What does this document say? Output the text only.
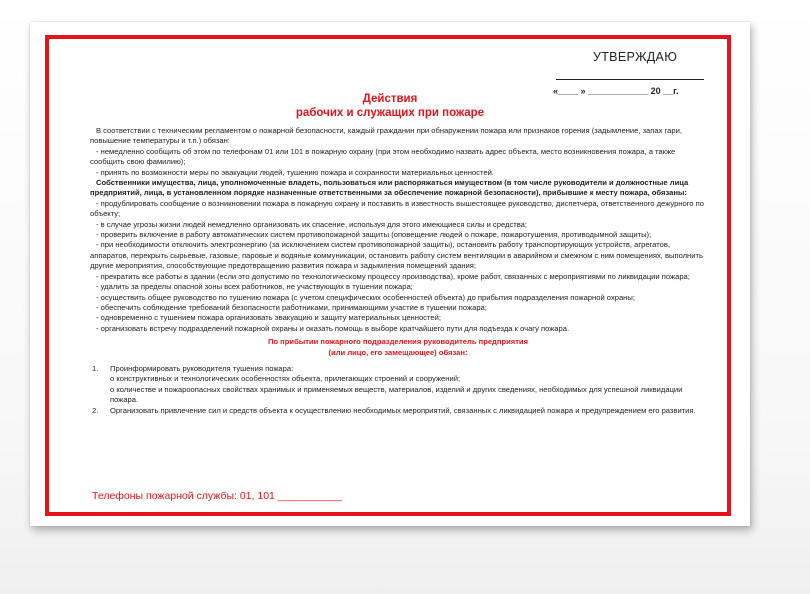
УТВЕРЖДАЮ
«____ » ____________ 20 __г.
Действия
рабочих и служащих при пожаре
В соответствии с техническим регламентом о пожарной безопасности, каждый гражданин при обнаружении пожара или признаков горения (задымление, запах гари, повышение температуры и т.п.) обязан:
- немедленно сообщить об этом по телефонам 01 или 101 в пожарную охрану (при этом необходимо назвать адрес объекта, место возникновения пожара, а также сообщить свою фамилию);
- принять по возможности меры по эвакуации людей, тушению пожара и сохранности материальных ценностей.
Собственники имущества, лица, уполномоченные владеть, пользоваться или распоряжаться имуществом (в том числе руководители и должностные лица предприятий, лица, в установленном порядке назначенные ответственными за обеспечение пожарной безопасности), прибывшие к месту пожара, обязаны:
- продублировать сообщение о возникновении пожара в пожарную охрану и поставить в известность вышестоящее руководство, диспетчера, ответственного дежурного по объекту;
- в случае угрозы жизни людей немедленно организовать их спасение, используя для этого имеющиеся силы и средства;
- проверить включение в работу автоматических систем противопожарной защиты (оповещение людей о пожаре, пожаротушения, противодымной защиты);
- при необходимости отключить электроэнергию (за исключением систем противопожарной защиты), остановить работу транспортирующих устройств, агрегатов, аппаратов, перекрыть сырьевые, газовые, паровые и водяные коммуникации, остановить работу систем вентиляции в аварийном и смежном с ним помещениях, выполнить другие мероприятия, способствующие предотвращению развития пожара и задымления помещений здания;
- прекратить все работы в здании (если это допустимо по технологическому процессу производства), кроме работ, связанных с мероприятиями по ликвидации пожара;
- удалить за пределы опасной зоны всех работников, не участвующих в тушении пожара;
- осуществить общее руководство по тушению пожара (с учетом специфических особенностей объекта) до прибытия подразделения пожарной охраны;
- обеспечить соблюдение требований безопасности работниками, принимающими участие в тушении пожара;
- одновременно с тушением пожара организовать эвакуацию и защиту материальных ценностей;
- организовать встречу подразделений пожарной охраны и оказать помощь в выборе кратчайшего пути для подъезда к очагу пожара.
По прибытии пожарного подразделения руководитель предприятия
(или лицо, его замещающее) обязан:
1. Проинформировать руководителя тушения пожара:
о конструктивных и технологических особенностях объекта, прилегающих строений и сооружений;
о количестве и пожароопасных свойствах хранимых и применяемых веществ, материалов, изделий и других сведениях, необходимых для успешной ликвидации пожара.
2. Организовать привлечение сил и средств объекта к осуществлению необходимых мероприятий, связанных с ликвидацией пожара и предупреждением его развития.
Телефоны пожарной службы: 01, 101 ___________
